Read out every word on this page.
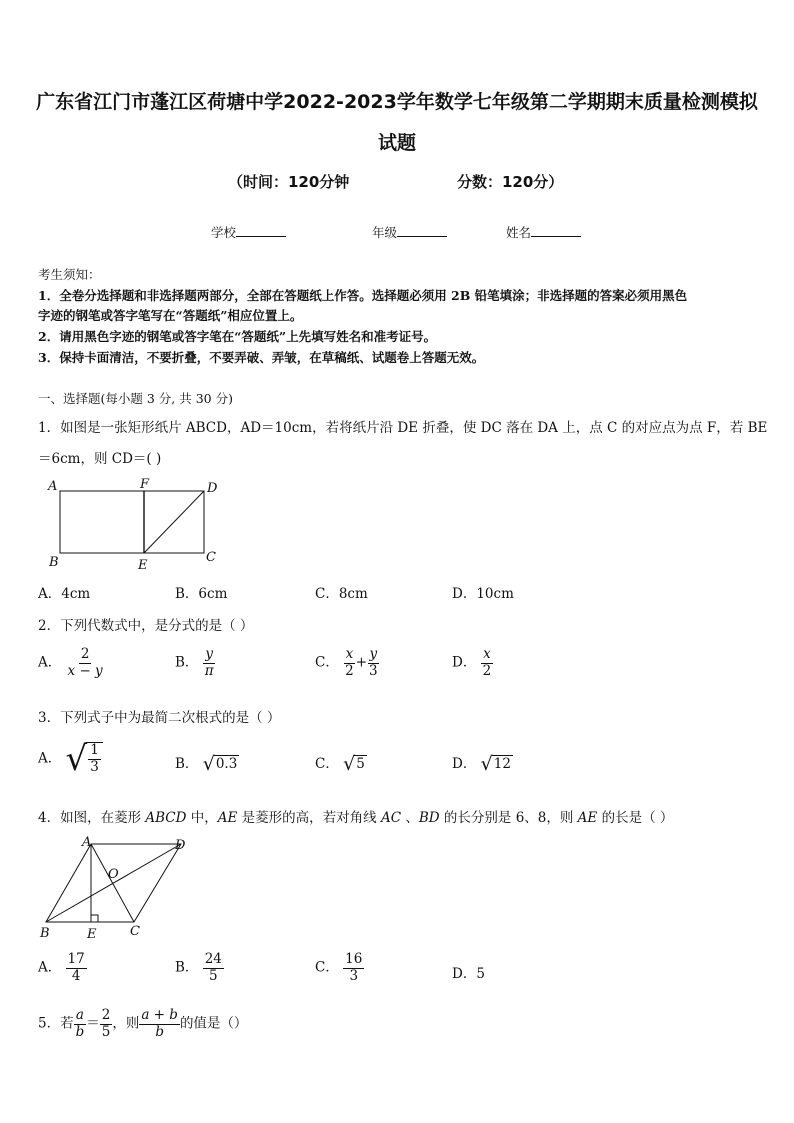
广东省江门市蓬江区荷塘中学2022-2023学年数学七年级第二学期期末质量检测模拟
试题
（时间：120分钟	分数：120分）
学校	年级	姓名
考生须知：
1．全卷分选择题和非选择题两部分，全部在答题纸上作答。选择题必须用 2B 铅笔填涂；非选择题的答案必须用黑色
字迹的钢笔或答字笔写在“答题纸”相应位置上。
2．请用黑色字迹的钢笔或答字笔在“答题纸”上先填写姓名和准考证号。
3．保持卡面清洁，不要折叠，不要弄破、弄皱，在草稿纸、试题卷上答题无效。
一、选择题(每小题 3 分, 共 30 分)
1．如图是一张矩形纸片 ABCD，AD＝10cm，若将纸片沿 DE 折叠，使 DC 落在 DA 上，点 C 的对应点为点 F，若 BE
＝6cm，则 CD＝( )
A	F	D
B	E
C
A．4cm	B．6cm	C．8cm	D．10cm
2．下列代数式中，是分式的是（ ）
A． $\frac{2}{x - y}$	B． $\frac{y}{\pi}$	C． $\frac{x}{2} + \frac{y}{3}$	D． $\frac{x}{2}$
3．下列式子中为最简二次根式的是（ ）
A． √ $\frac{1}{3}$	B． √ 0.3	C． √ 5	D． √ 12
4．如图，在菱形 ABCD 中，AE 是菱形的高，若对角线 AC 、BD 的长分别是 6、8，则 AE 的长是（ ）
A	D
O
B	E	C
A． $\frac{17}{4}$	B． $\frac{24}{5}$	C． $\frac{16}{3}$	D．5
5．若 $\frac{a}{b} = \frac{2}{5}$ ，则 $\frac{a + b}{b}$ 的值是（）
